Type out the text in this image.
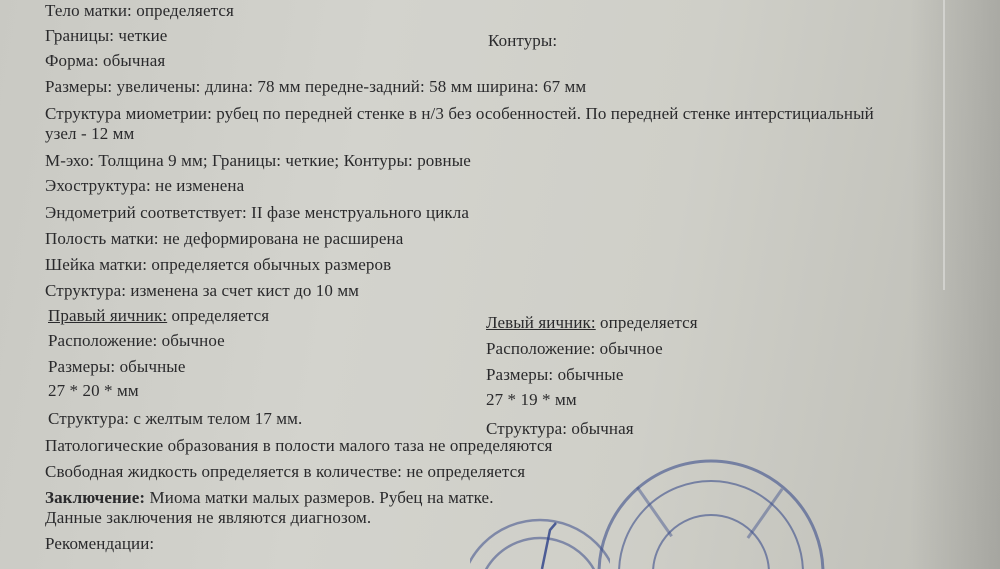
Тело матки: определяется
Границы: четкие	Контуры:
Форма: обычная
Размеры: увеличены: длина: 78 мм передне-задний: 58 мм ширина: 67 мм
Структура миометрии: рубец по передней стенке в н/3 без особенностей. По передней стенке интерстициальный
узел - 12 мм
М-эхо: Толщина 9 мм; Границы: четкие; Контуры: ровные
Эхоструктура: не изменена
Эндометрий соответствует: II фазе менструального цикла
Полость матки: не деформирована не расширена
Шейка матки: определяется обычных размеров
Структура: изменена за счет кист до 10 мм
Правый яичник: определяется
Расположение: обычное
Размеры: обычные
27 * 20 * мм
Структура: с желтым телом 17 мм.
Левый яичник: определяется
Расположение: обычное
Размеры: обычные
27 * 19 * мм
Структура: обычная
Патологические образования в полости малого таза не определяются
Свободная жидкость определяется в количестве: не определяется
Заключение: Миома матки малых размеров. Рубец на матке.
Данные заключения не являются диагнозом.
Рекомендации:
